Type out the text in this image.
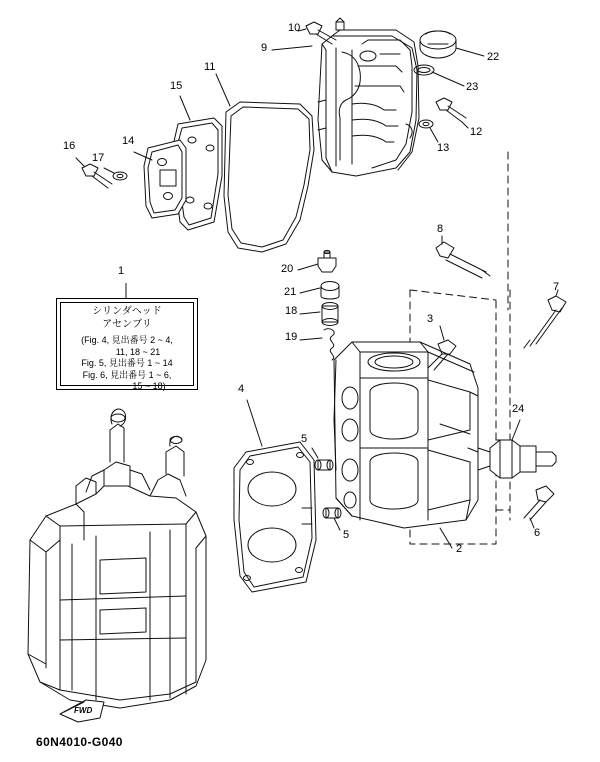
シリンダヘッド
アセンブリ
(Fig. 4, 見出番号 2 ~ 4,
11, 18 ~ 21
Fig. 5, 見出番号 1 ~ 14
Fig. 6, 見出番号 1 ~ 6,
15 ~ 18)
1
2
3
4
5
5	6
7
8
9
10
11
12
13
14
15
16
17
18
19
20
21
22
23
24
FWD
60N4010-G040
